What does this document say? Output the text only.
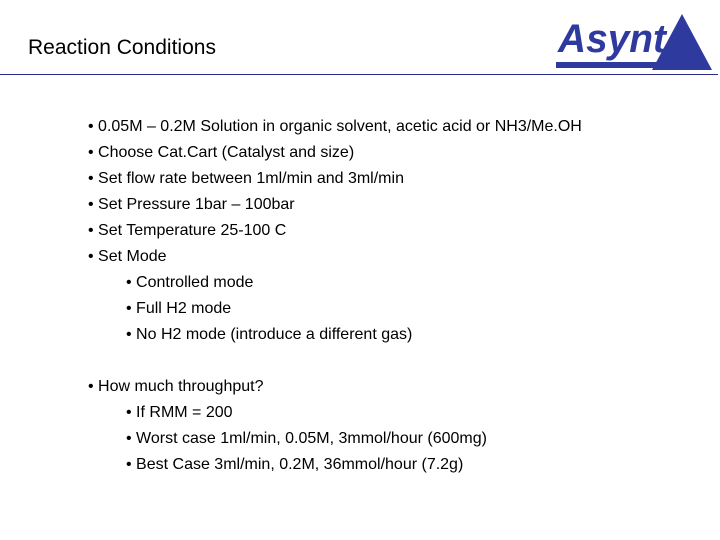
Reaction Conditions	Asynt
• 0.05M – 0.2M Solution in organic solvent, acetic acid or NH3/Me.OH
• Choose Cat.Cart (Catalyst and size)
• Set flow rate between 1ml/min and 3ml/min
• Set Pressure 1bar – 100bar
• Set Temperature 25-100 C
• Set Mode
• Controlled mode
• Full H2 mode
• No H2 mode (introduce a different gas)
• How much throughput?
• If RMM = 200
• Worst case 1ml/min, 0.05M, 3mmol/hour (600mg)
• Best Case 3ml/min, 0.2M, 36mmol/hour (7.2g)
